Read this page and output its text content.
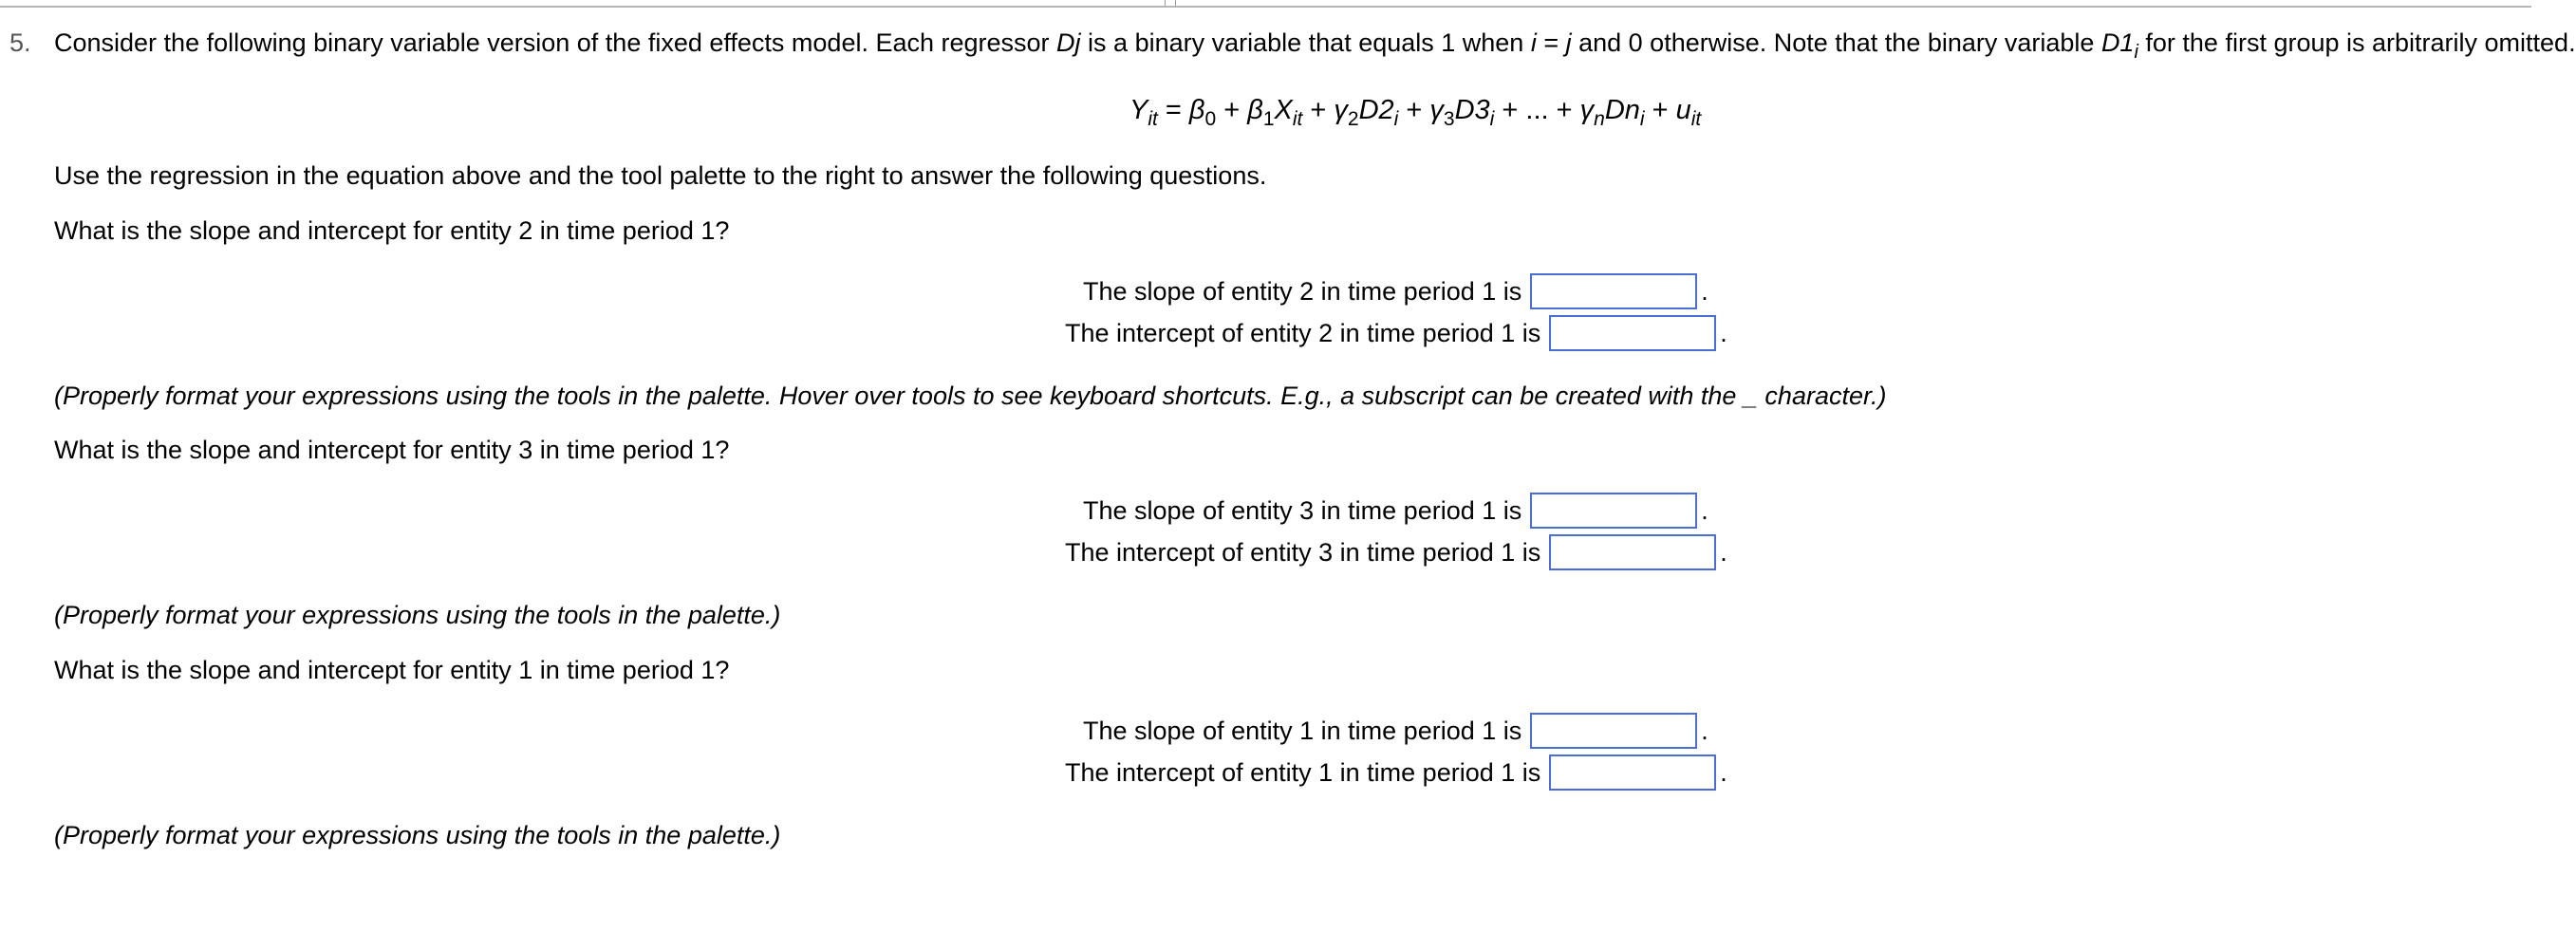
5. Consider the following binary variable version of the fixed effects model. Each regressor Dj is a binary variable that equals 1 when i = j and 0 otherwise. Note that the binary variable $D1_i$ for the first group is arbitrarily omitted.
$Y_{it} = \beta_0 + \beta_1X_{it} + \gamma_2D2_i + \gamma_3D3_i$ + ... + $\gamma_nDn_i + u_{it}$
Use the regression in the equation above and the tool palette to the right to answer the following questions.
What is the slope and intercept for entity 2 in time period 1?
The slope of entity 2 in time period 1 is	.
The intercept of entity 2 in time period 1 is	.
(Properly format your expressions using the tools in the palette. Hover over tools to see keyboard shortcuts. E.g., a subscript can be created with the _ character.)
What is the slope and intercept for entity 3 in time period 1?
The slope of entity 3 in time period 1 is	.
The intercept of entity 3 in time period 1 is	.
(Properly format your expressions using the tools in the palette.)
What is the slope and intercept for entity 1 in time period 1?
The slope of entity 1 in time period 1 is	.
The intercept of entity 1 in time period 1 is	.
(Properly format your expressions using the tools in the palette.)
